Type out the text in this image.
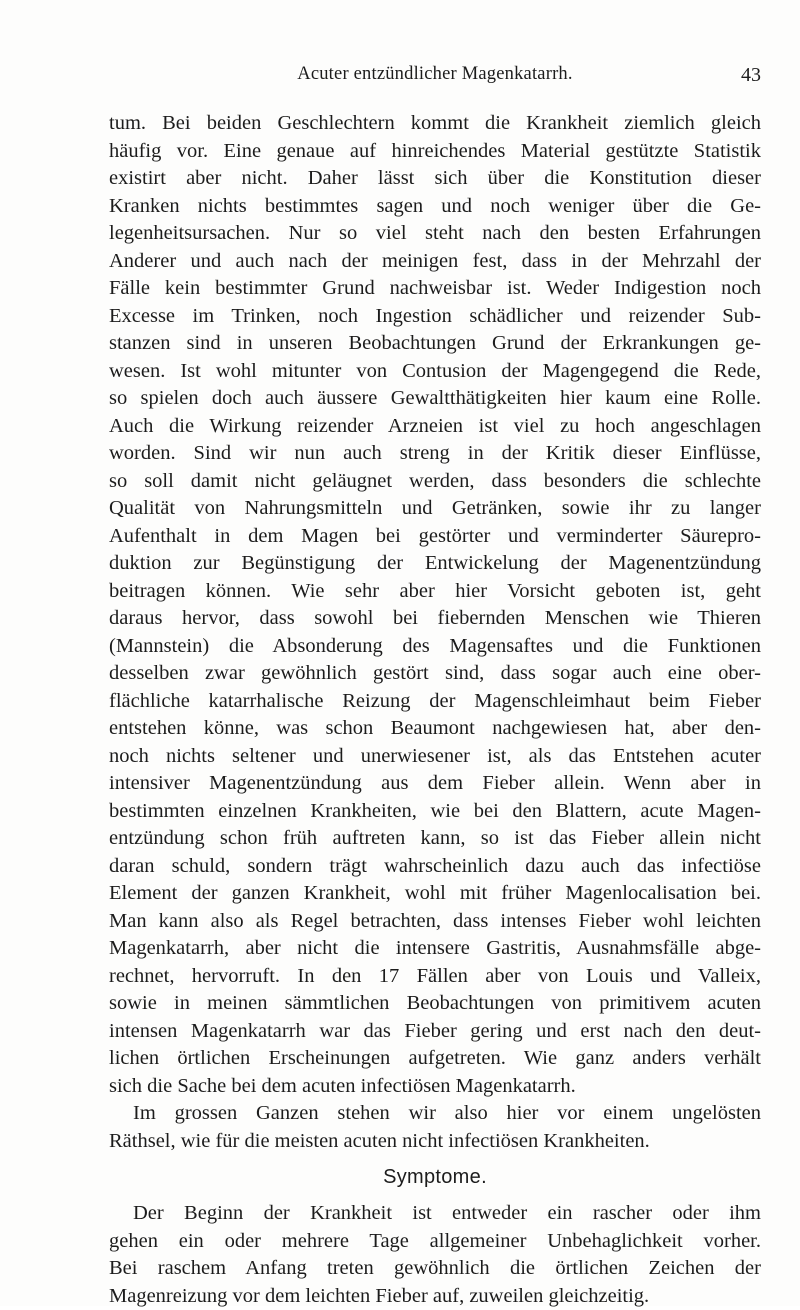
Acuter entzündlicher Magenkatarrh.	43
tum. Bei beiden Geschlechtern kommt die Krankheit ziemlich gleich
häufig vor. Eine genaue auf hinreichendes Material gestützte Statistik
existirt aber nicht. Daher lässt sich über die Konstitution dieser
Kranken nichts bestimmtes sagen und noch weniger über die Ge-
legenheitsursachen. Nur so viel steht nach den besten Erfahrungen
Anderer und auch nach der meinigen fest, dass in der Mehrzahl der
Fälle kein bestimmter Grund nachweisbar ist. Weder Indigestion noch
Excesse im Trinken, noch Ingestion schädlicher und reizender Sub-
stanzen sind in unseren Beobachtungen Grund der Erkrankungen ge-
wesen. Ist wohl mitunter von Contusion der Magengegend die Rede,
so spielen doch auch äussere Gewaltthätigkeiten hier kaum eine Rolle.
Auch die Wirkung reizender Arzneien ist viel zu hoch angeschlagen
worden. Sind wir nun auch streng in der Kritik dieser Einflüsse,
so soll damit nicht geläugnet werden, dass besonders die schlechte
Qualität von Nahrungsmitteln und Getränken, sowie ihr zu langer
Aufenthalt in dem Magen bei gestörter und verminderter Säurepro-
duktion zur Begünstigung der Entwickelung der Magenentzündung
beitragen können. Wie sehr aber hier Vorsicht geboten ist, geht
daraus hervor, dass sowohl bei fiebernden Menschen wie Thieren
(Mannstein) die Absonderung des Magensaftes und die Funktionen
desselben zwar gewöhnlich gestört sind, dass sogar auch eine ober-
flächliche katarrhalische Reizung der Magenschleimhaut beim Fieber
entstehen könne, was schon Beaumont nachgewiesen hat, aber den-
noch nichts seltener und unerwiesener ist, als das Entstehen acuter
intensiver Magenentzündung aus dem Fieber allein. Wenn aber in
bestimmten einzelnen Krankheiten, wie bei den Blattern, acute Magen-
entzündung schon früh auftreten kann, so ist das Fieber allein nicht
daran schuld, sondern trägt wahrscheinlich dazu auch das infectiöse
Element der ganzen Krankheit, wohl mit früher Magenlocalisation bei.
Man kann also als Regel betrachten, dass intenses Fieber wohl leichten
Magenkatarrh, aber nicht die intensere Gastritis, Ausnahmsfälle abge-
rechnet, hervorruft. In den 17 Fällen aber von Louis und Valleix,
sowie in meinen sämmtlichen Beobachtungen von primitivem acuten
intensen Magenkatarrh war das Fieber gering und erst nach den deut-
lichen örtlichen Erscheinungen aufgetreten. Wie ganz anders verhält
sich die Sache bei dem acuten infectiösen Magenkatarrh.
Im grossen Ganzen stehen wir also hier vor einem ungelösten
Räthsel, wie für die meisten acuten nicht infectiösen Krankheiten.
Symptome.
Der Beginn der Krankheit ist entweder ein rascher oder ihm
gehen ein oder mehrere Tage allgemeiner Unbehaglichkeit vorher.
Bei raschem Anfang treten gewöhnlich die örtlichen Zeichen der
Magenreizung vor dem leichten Fieber auf, zuweilen gleichzeitig.
